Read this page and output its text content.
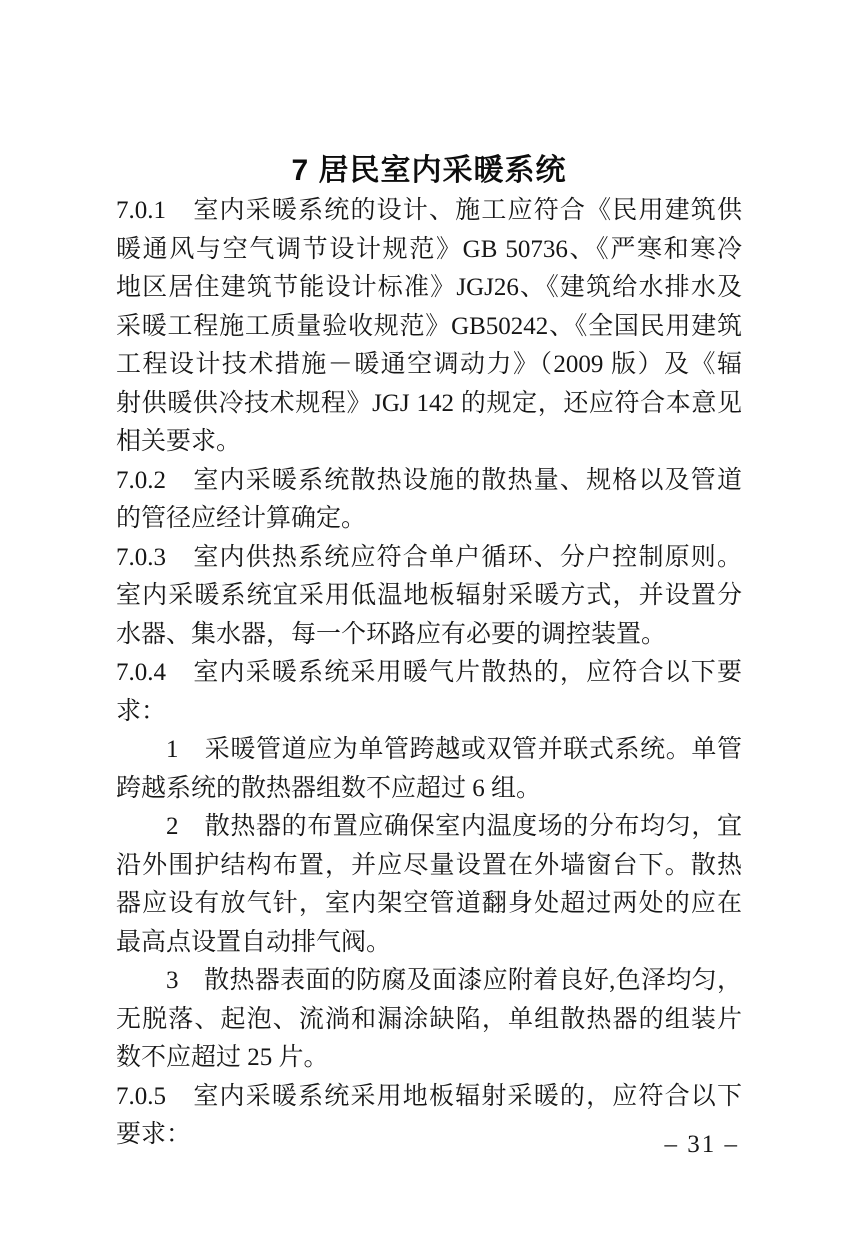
7 居民室内采暖系统
7.0.1　室内采暖系统的设计、施工应符合《民用建筑供
暖通风与空气调节设计规范》GB 50736、《严寒和寒冷
地区居住建筑节能设计标准》JGJ26、《建筑给水排水及
采暖工程施工质量验收规范》GB50242、《全国民用建筑
工程设计技术措施－暖通空调动力》（2009 版）及《辐
射供暖供冷技术规程》JGJ 142 的规定，还应符合本意见
相关要求。
7.0.2　室内采暖系统散热设施的散热量、规格以及管道
的管径应经计算确定。
7.0.3　室内供热系统应符合单户循环、分户控制原则。
室内采暖系统宜采用低温地板辐射采暖方式，并设置分
水器、集水器，每一个环路应有必要的调控装置。
7.0.4　室内采暖系统采用暖气片散热的，应符合以下要
求：
1　采暖管道应为单管跨越或双管并联式系统。单管
跨越系统的散热器组数不应超过 6 组。
2　散热器的布置应确保室内温度场的分布均匀，宜
沿外围护结构布置，并应尽量设置在外墙窗台下。散热
器应设有放气针，室内架空管道翻身处超过两处的应在
最高点设置自动排气阀。
3　散热器表面的防腐及面漆应附着良好,色泽均匀，
无脱落、起泡、流淌和漏涂缺陷，单组散热器的组装片
数不应超过 25 片。
7.0.5　室内采暖系统采用地板辐射采暖的，应符合以下
要求：	– 31 –
